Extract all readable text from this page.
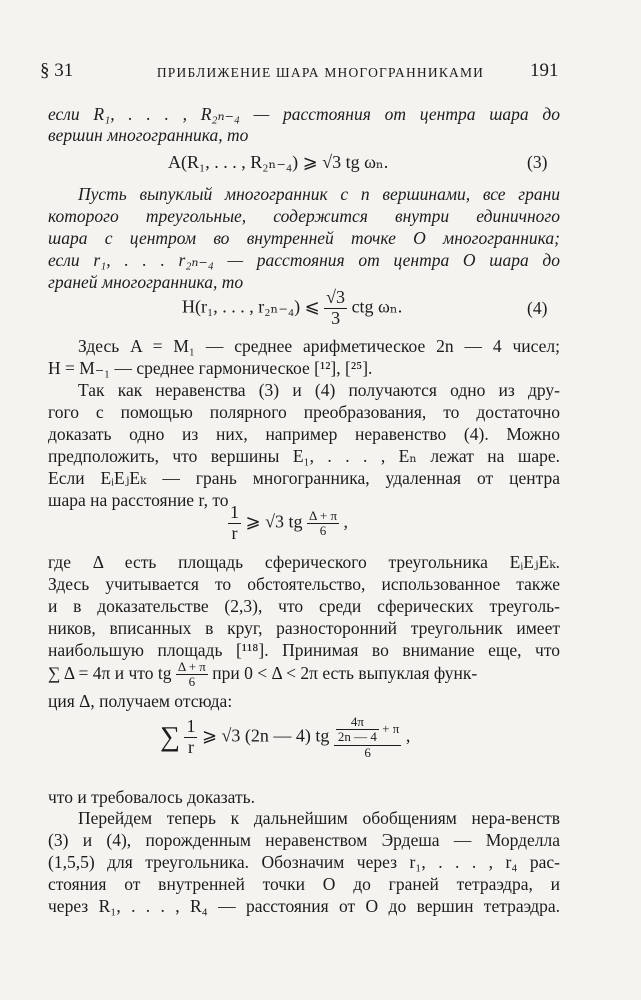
§ 31	ПРИБЛИЖЕНИЕ ШАРА МНОГОГРАННИКАМИ	191
если R₁, . . . , R₂ₙ₋₄ — расстояния от центра шара до
вершин многогранника, то
A(R₁, . . . , R₂ₙ₋₄) ⩾ √3 tg ωₙ.	(3)
Пусть выпуклый многогранник с n вершинами, все грани
которого треугольные, содержится внутри единичного
шара с центром во внутренней точке O многогранника;
если r₁, . . . r₂ₙ₋₄ — расстояния от центра O шара до
граней многогранника, то
H(r₁, . . . , r₂ₙ₋₄) ⩽ $\frac{√3}{3}$ ctg ωₙ.	(4)
Здесь A = M₁ — среднее арифметическое 2n — 4 чисел;
H = M₋₁ — среднее гармоническое [¹²], [²⁵].
Так как неравенства (3) и (4) получаются одно из дру-
гого с помощью полярного преобразования, то достаточно
доказать одно из них, например неравенство (4). Можно
предположить, что вершины E₁, . . . , Eₙ лежат на шаре.
Если EᵢEⱼEₖ — грань многогранника, удаленная от центра
шара на расстояние r, то
$\frac{1}{r}$ ⩾ √3 tg $\frac{\Delta + \pi}{6}$ ,
где Δ есть площадь сферического треугольника EᵢEⱼEₖ.
Здесь учитывается то обстоятельство, использованное также
и в доказательстве (2,3), что среди сферических треуголь-
ников, вписанных в круг, разносторонний треугольник имеет
наибольшую площадь [¹¹⁸]. Принимая во внимание еще, что
∑ Δ = 4π и что tg $\frac{\Delta + \pi}{6}$ при 0 < Δ < 2π есть выпуклая функ-
ция Δ, получаем отсюда:
∑ $\frac{1}{r}$ ⩾ √3 (2n — 4) tg $\frac{\frac{4\pi}{2n — 4} + \pi}{6}$ ,
что и требовалось доказать.
Перейдем теперь к дальнейшим обобщениям нера-венств
(3) и (4), порожденным неравенством Эрдеша — Морделла
(1,5,5) для треугольника. Обозначим через r₁, . . . , r₄ рас-
стояния от внутренней точки O до граней тетраэдра, и
через R₁, . . . , R₄ — расстояния от O до вершин тетраэдра.
